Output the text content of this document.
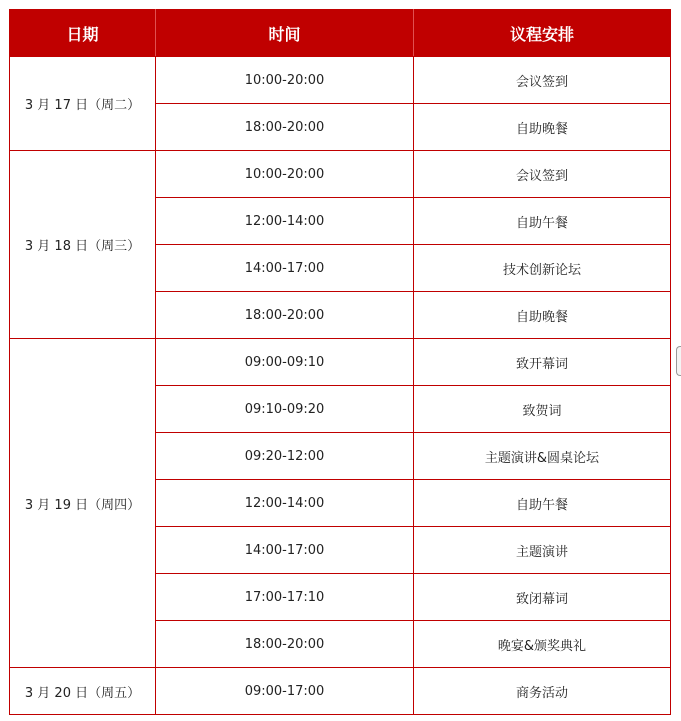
日期	时间	议程安排
3 月 17 日（周二）	10:00-20:00	会议签到
	18:00-20:00	自助晚餐
3 月 18 日（周三）	10:00-20:00	会议签到
	12:00-14:00	自助午餐
	14:00-17:00	技术创新论坛
	18:00-20:00	自助晚餐
3 月 19 日（周四）	09:00-09:10	致开幕词
	09:10-09:20	致贺词
	09:20-12:00	主题演讲&圆桌论坛
	12:00-14:00	自助午餐
	14:00-17:00	主题演讲
	17:00-17:10	致闭幕词
	18:00-20:00	晚宴&颁奖典礼
3 月 20 日（周五）	09:00-17:00	商务活动
